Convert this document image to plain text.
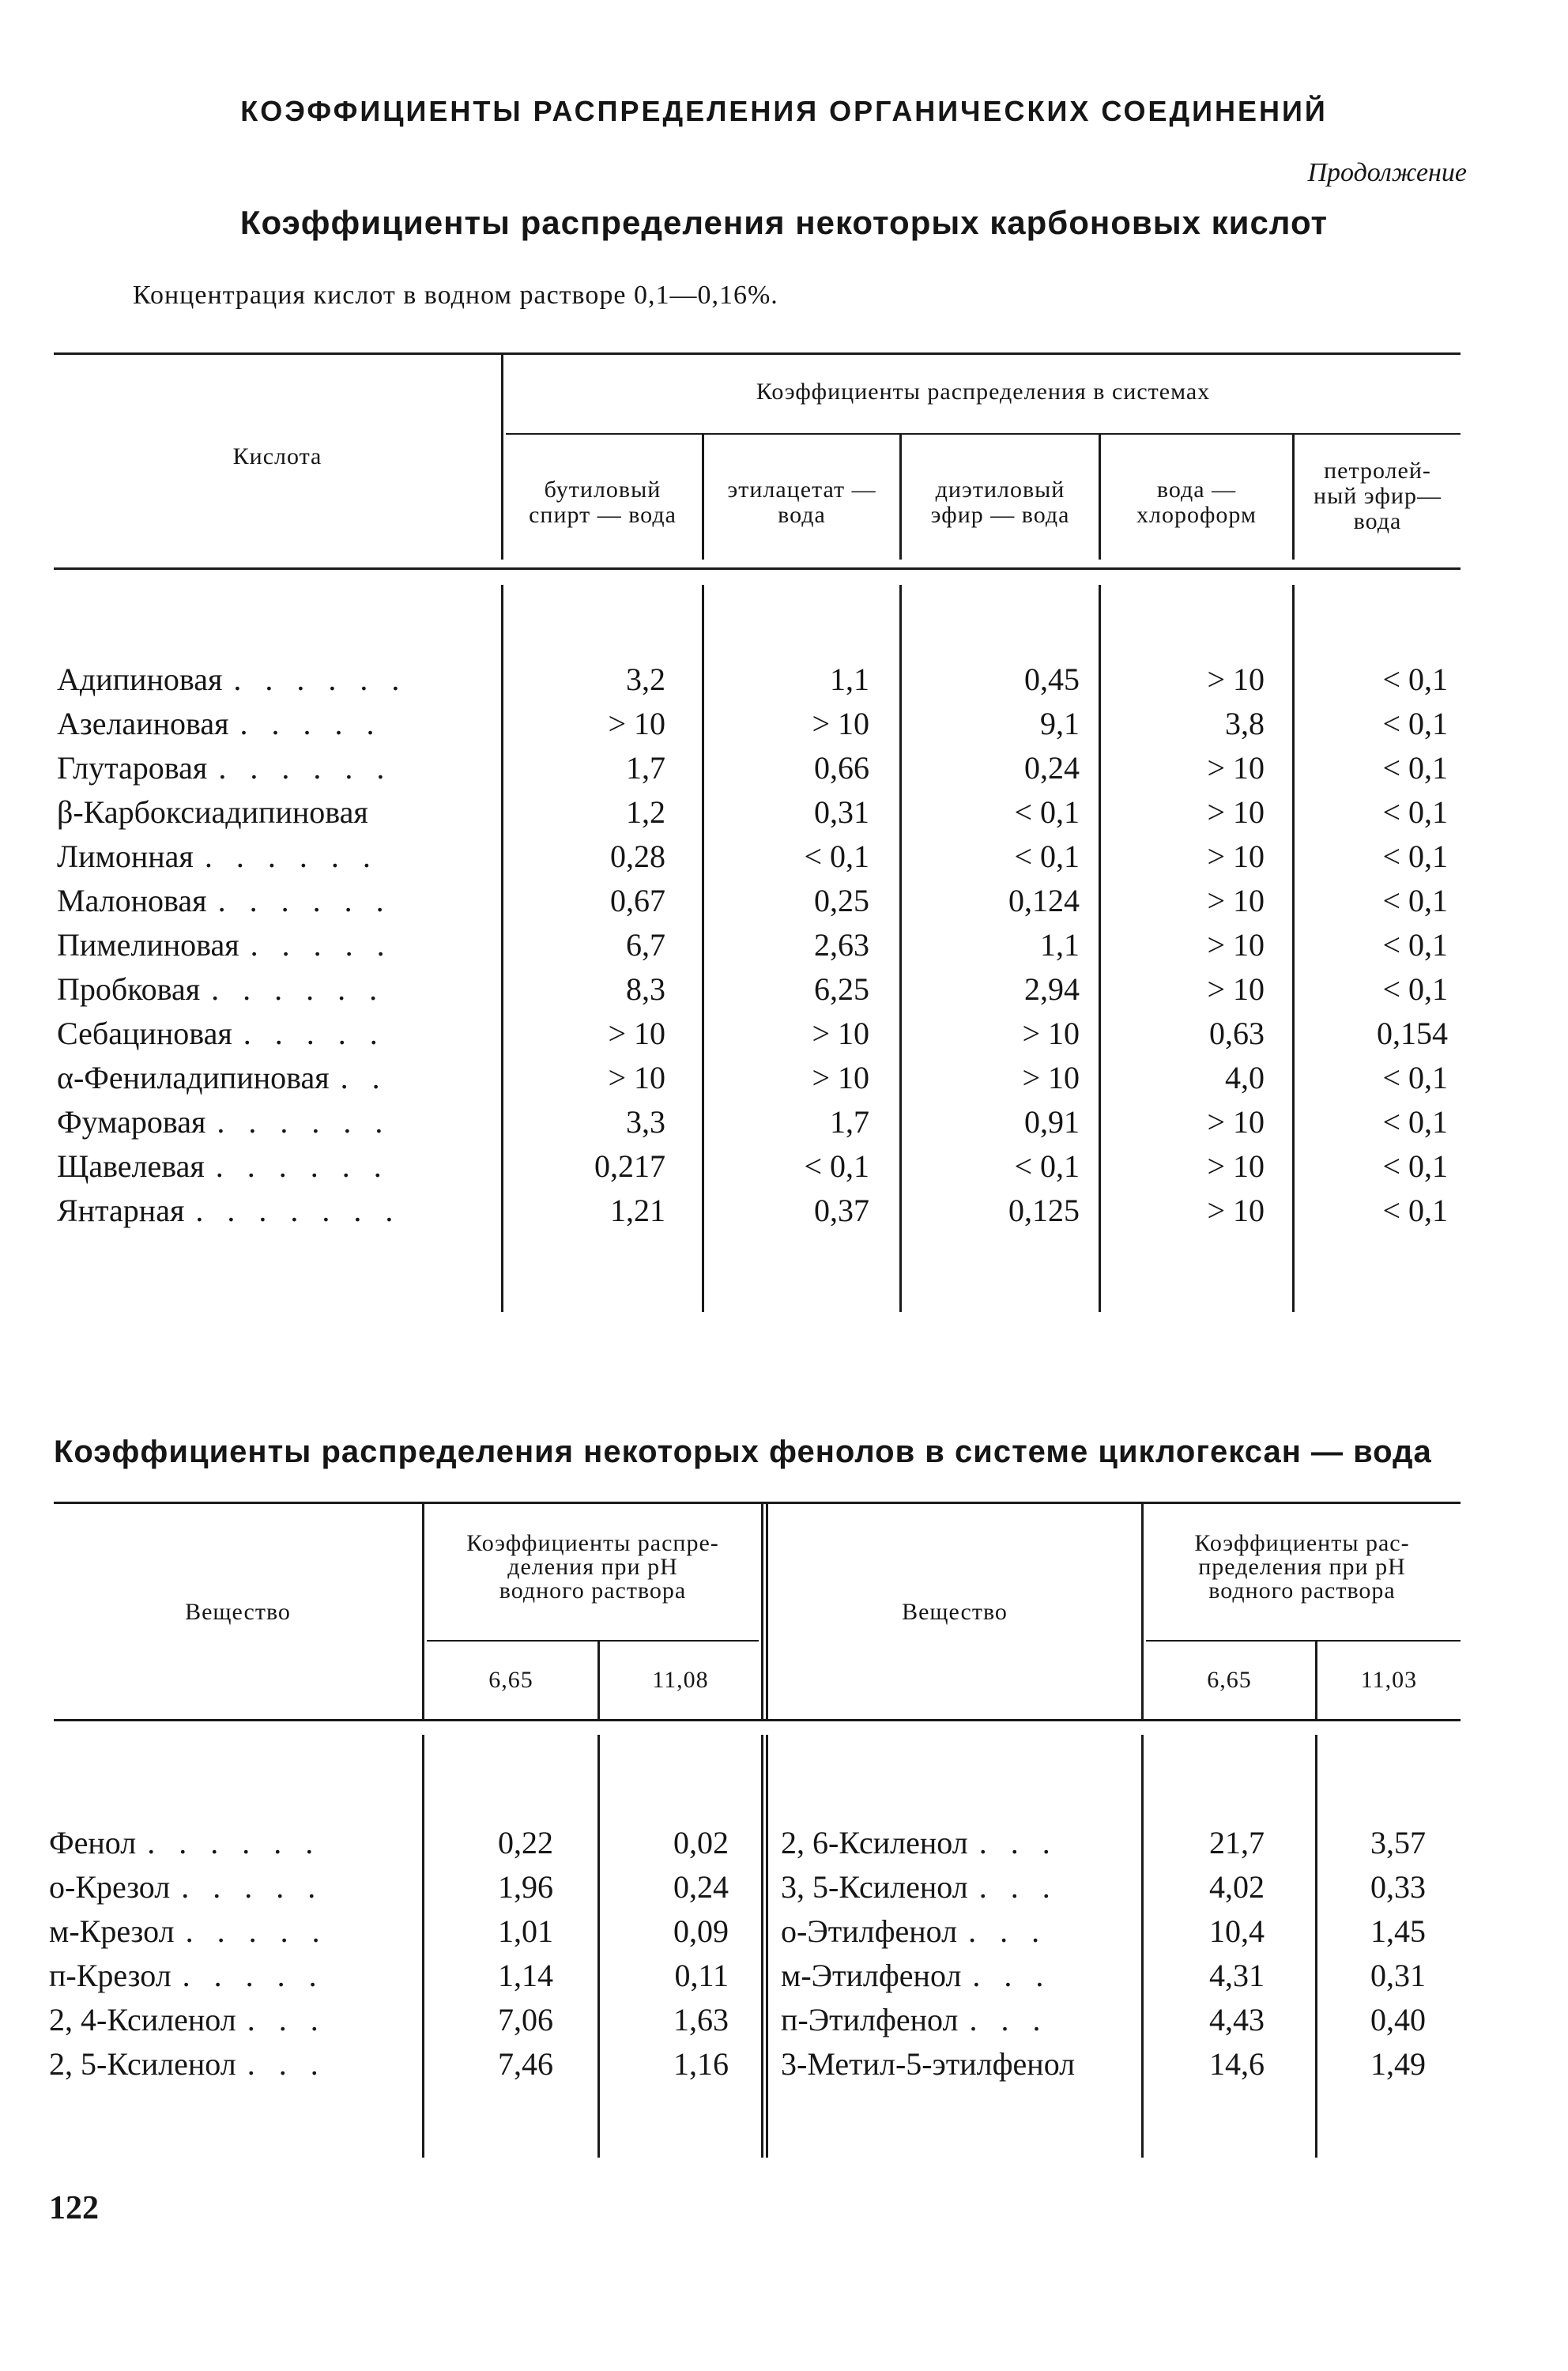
КОЭФФИЦИЕНТЫ РАСПРЕДЕЛЕНИЯ ОРГАНИЧЕСКИХ СОЕДИНЕНИЙ
Продолжение
Коэффициенты распределения некоторых карбоновых кислот
Концентрация кислот в водном растворе 0,1—0,16%.
Кислота
Коэффициенты распределения в системах
бутиловый
спирт — вода
этилацетат —
вода
диэтиловый
эфир — вода
вода —
хлороформ
петролей-
ный эфир—
вода
Адипиновая . . . . . .	3,2	1,1	0,45	> 10	< 0,1
Азелаиновая . . . . .	> 10	> 10	9,1	3,8	< 0,1
Глутаровая . . . . . .	1,7	0,66	0,24	> 10	< 0,1
β-Карбоксиадипиновая	1,2	0,31	< 0,1	> 10	< 0,1
Лимонная . . . . . .	0,28	< 0,1	< 0,1	> 10	< 0,1
Малоновая . . . . . .	0,67	0,25	0,124	> 10	< 0,1
Пимелиновая . . . . .	6,7	2,63	1,1	> 10	< 0,1
Пробковая . . . . . .	8,3	6,25	2,94	> 10	< 0,1
Себациновая . . . . .	> 10	> 10	> 10	0,63	0,154
α-Фениладипиновая . .	> 10	> 10	> 10	4,0	< 0,1
Фумаровая . . . . . .	3,3	1,7	0,91	> 10	< 0,1
Щавелевая . . . . . .	0,217	< 0,1	< 0,1	> 10	< 0,1
Янтарная . . . . . . .	1,21	0,37	0,125	> 10	< 0,1
Коэффициенты распределения некоторых фенолов в системе циклогексан — вода
Вещество	Вещество
Коэффициенты распре-
деления при pH
водного раствора
Коэффициенты рас-
пределения при pH
водного раствора
6,65	11,08	6,65	11,03
Фенол . . . . . .	0,22	0,02
о-Крезол . . . . .	1,96	0,24
м-Крезол . . . . .	1,01	0,09
п-Крезол . . . . .	1,14	0,11
2, 4-Ксиленол . . .	7,06	1,63
2, 5-Ксиленол . . .	7,46	1,16
2, 6-Ксиленол . . .	21,7	3,57
3, 5-Ксиленол . . .	4,02	0,33
о-Этилфенол . . .	10,4	1,45
м-Этилфенол . . .	4,31	0,31
п-Этилфенол . . .	4,43	0,40
3-Метил-5-этилфенол	14,6	1,49
122
